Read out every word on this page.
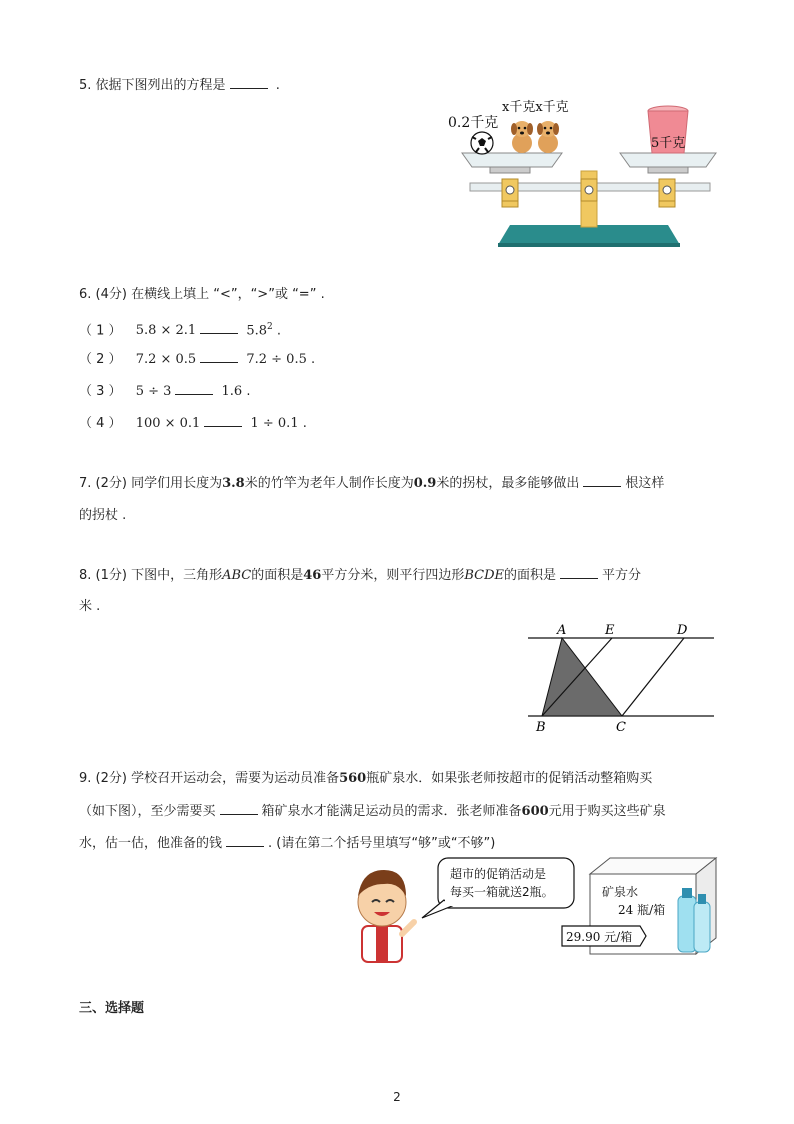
5. 依据下图列出的方程是	.
0.2千克
x千克x千克
5千克
6. (4分) 在横线上填上 “<”，“>”或 “=” .
（ 1 ） 5.8 × 2.1	$5.8^2$ .
（ 2 ） 7.2 × 0.5	7.2 ÷ 0.5 .
（ 3 ） 5 ÷ 3	1.6 .
（ 4 ） 100 × 0.1	1 ÷ 0.1 .
7. (2分) 同学们用长度为3.8米的竹竿为老年人制作长度为0.9米的拐杖，最多能够做出	根这样
的拐杖 .
8. (1分) 下图中，三角形ABC的面积是46平方分米，则平行四边形BCDE的面积是	平方分
米 .
A	E	D
B	C
9. (2分) 学校召开运动会，需要为运动员准备560瓶矿泉水．如果张老师按超市的促销活动整箱购买
（如下图），至少需要买	箱矿泉水才能满足运动员的需求．张老师准备600元用于购买这些矿泉
水，估一估，他准备的钱	. (请在第二个括号里填写“够”或“不够”)
超市的促销活动是
每买一箱就送2瓶。	矿泉水
24 瓶/箱
29.90 元/箱
三、选择题
2
